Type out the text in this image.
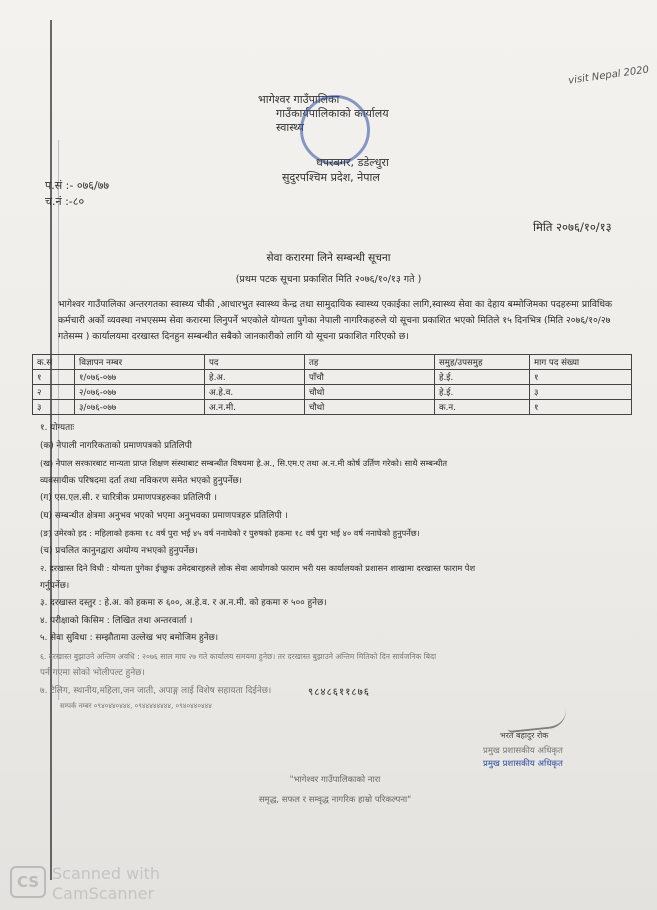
visit Nepal 2020
भागेश्वर गाउँपालिका
गाउँकार्यपालिकाको कार्यालय
स्वास्थ्य
धपरबगर, डडेल्धुरा
सुदुरपश्चिम प्रदेश, नेपाल
प.सं :- ०७६/७७
च.नं :-८०
मिति २०७६/१०/१३
सेवा करारमा लिने सम्बन्धी सूचना
(प्रथम पटक सूचना प्रकाशित मिति २०७६/१०/१३ गते )
भागेश्वर गाउँपालिका अन्तरगतका स्वास्थ्य चौकी ,आधारभुत स्वास्थ्य केन्द्र तथा सामुदायिक स्वास्थ्य एकाईका लागि,स्वास्थ्य सेवा का देहाय बम्मोजिमका पदहरुमा प्राविधिक कर्मचारी अर्को व्यवस्था नभएसम्म सेवा करारमा लिनुपर्ने भएकोले योग्यता पुगेका नेपाली नागरिकहरुले यो सूचना प्रकाशित भएको मितिले १५ दिनभित्र (मिति २०७६/१०/२७ गतेसम्म ) कार्यालयमा दरखास्त दिनहुन सम्बन्धीत सबैको जानकारीको लागि यो सूचना प्रकाशित गरिएको छ।
क.सं	विज्ञापन नम्बर	पद	तह	समुह/उपसमुह	माग पद संख्या
१	१/०७६-०७७	हे.अ.	पाँचौ	हे.ई.	१
२	२/०७६-०७७	अ.हे.व.	चौथो	हे.ई.	३
३	३/०७६-०७७	अ.न.मी.	चौथो	क.न.	१
१. योग्यताः
(क) नेपाली नागरिकताको प्रमाणपत्रको प्रतिलिपी
(ख) नेपाल सरकारबाट मान्यता प्राप्त शिक्षण संस्थाबाट सम्बन्धीत विषयमा हे.अ., सि.एम.ए तथा अ.न.मी कोर्ष उर्तिण गरेको। साथै सम्बन्धीत
व्यवसायीक परिषदमा दर्ता तथा नविकरण समेत भएको हुनुपर्नेछ।
(ग) एस.एल.सी. र चारित्रीक प्रमाणपत्रहरुका प्रतिलिपी ।
(घ) सम्बन्धीत क्षेत्रमा अनुभव भएको भएमा अनुभवका प्रमाणपत्रहरु प्रतिलिपी ।
(ङ) उमेरको हद : महिलाको हकमा १८ वर्ष पुरा भई ४५ वर्ष ननाघेको र पुरुषको हकमा १८ वर्ष पुरा भई ४० वर्ष ननाघेको हुनुपर्नेछ।
(च) प्रचलित कानुनद्वारा अयोग्य नभएको हुनुपर्नेछ।
२. दरखास्त दिने विधी : योग्यता पुगेका ईच्छुक उमेदबारहरुले लोक सेवा आयोगको फाराम भरी यस कार्यालयको प्रशासन शाखामा दरखास्त फाराम पेश
गर्नुपर्नेछ।
३. दरखास्त दस्तुर : हे.अ. को हकमा रु ६००, अ.हे.व. र अ.न.मी. को हकमा रु ५०० हुनेछ।
४. परीक्षाको किसिम : लिखित तथा अन्तरवार्ता ।
५. सेवा सुविधा : सम्झौतामा उल्लेख भए बमोजिम हुनेछ।
६. दरखास्त बुझाउने अन्तिम अवधि : २०७६ साल माघ २७ गते कार्यालय समयमा हुनेछ। तर दरखास्त बुझाउने अन्तिम मितिको दिन सार्वजनिक बिदा
पर्न गएमा सोको भोलीपल्ट हुनेछ।
७. टेलिग, स्थानीय,महिला,जन जाती, अपाङ्ग लाई विशेष सहायता दिईनेछ।	९८४८६११८७६
सम्पर्क नम्बर ०९४०४४०४४४, ०९४४४४४४४४, ०९४०४४०४४४
भरत बहादुर रोक
प्रमुख प्रशासकीय अधिकृत
प्रमुख प्रशासकीय अधिकृत
"भागेश्वर गाउँपालिकाको नारा
समृद्ध, सफल र सम्वृद्ध नागरिक हाम्रो परिकल्पना"
CS Scanned with
CamScanner
